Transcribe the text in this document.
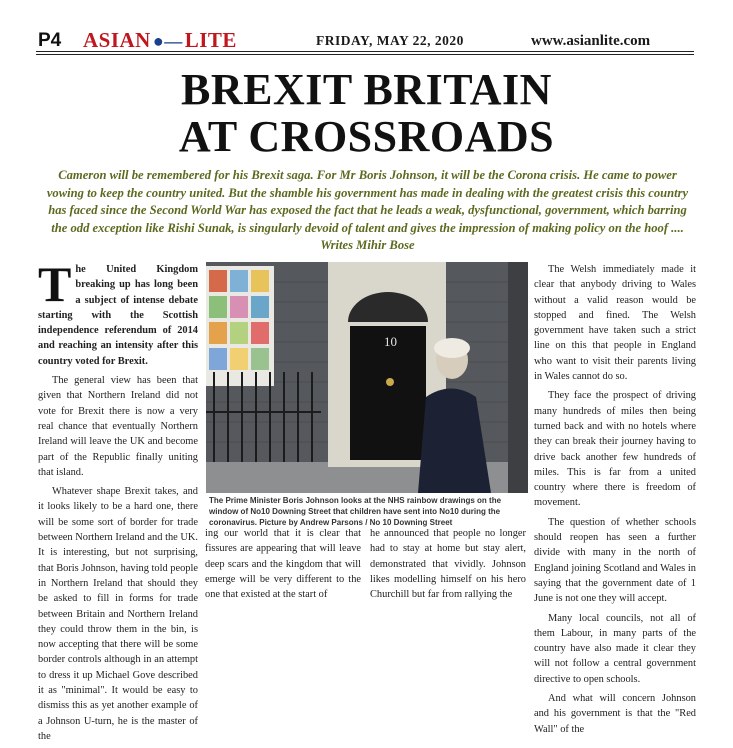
P4 ASIAN ●—LITE	FRIDAY, MAY 22, 2020	www.asianlite.com
BREXIT BRITAIN
AT CROSSROADS
Cameron will be remembered for his Brexit saga. For Mr Boris Johnson, it will be the Corona crisis. He came to power vowing to keep the country united. But the shamble his government has made in dealing with the greatest crisis this country has faced since the Second World War has exposed the fact that he leads a weak, dysfunctional, government, which barring the odd exception like Rishi Sunak, is singularly devoid of talent and gives the impression of making policy on the hoof .... Writes Mihir Bose

The United Kingdom breaking up has long been a subject of intense debate starting with the Scottish independence referendum of 2014 and reaching an intensity after this country voted for Brexit.

The general view has been that given that Northern Ireland did not vote for Brexit there is now a very real chance that eventually Northern Ireland will leave the UK and become part of the Republic finally uniting that island.

Whatever shape Brexit takes, and it looks likely to be a hard one, there will be some sort of border for trade between Northern Ireland and the UK. It is interesting, but not surprising, that Boris Johnson, having told people in Northern Ireland that should they be asked to fill in forms for trade between Britain and Northern Ireland they could throw them in the bin, is now accepting that there will be some border controls although in an attempt to dress it up Michael Gove described it as "minimal". It would be easy to dismiss this as yet another example of a Johnson U-turn, he is the master of the

10
The Prime Minister Boris Johnson looks at the NHS rainbow drawings on the window of No10 Downing Street that children have sent into No10 during the coronavirus. Picture by Andrew Parsons / No 10 Downing Street

ing our world that it is clear that fissures are appearing that will leave deep scars and the kingdom that will emerge will be very different to the one that existed at the start of

he announced that people no longer had to stay at home but stay alert, demonstrated that vividly. Johnson likes modelling himself on his hero Churchill but far from rallying the

The Welsh immediately made it clear that anybody driving to Wales without a valid reason would be stopped and fined. The Welsh government have taken such a strict line on this that people in England who want to visit their parents living in Wales cannot do so.

They face the prospect of driving many hundreds of miles then being turned back and with no hotels where they can break their journey having to drive back another few hundreds of miles. This is far from a united country where there is freedom of movement.

The question of whether schools should reopen has seen a further divide with many in the north of England joining Scotland and Wales in saying that the government date of 1 June is not one they will accept.

Many local councils, not all of them Labour, in many parts of the country have also made it clear they will not follow a central government directive to open schools.

And what will concern Johnson and his government is that the "Red Wall" of the
